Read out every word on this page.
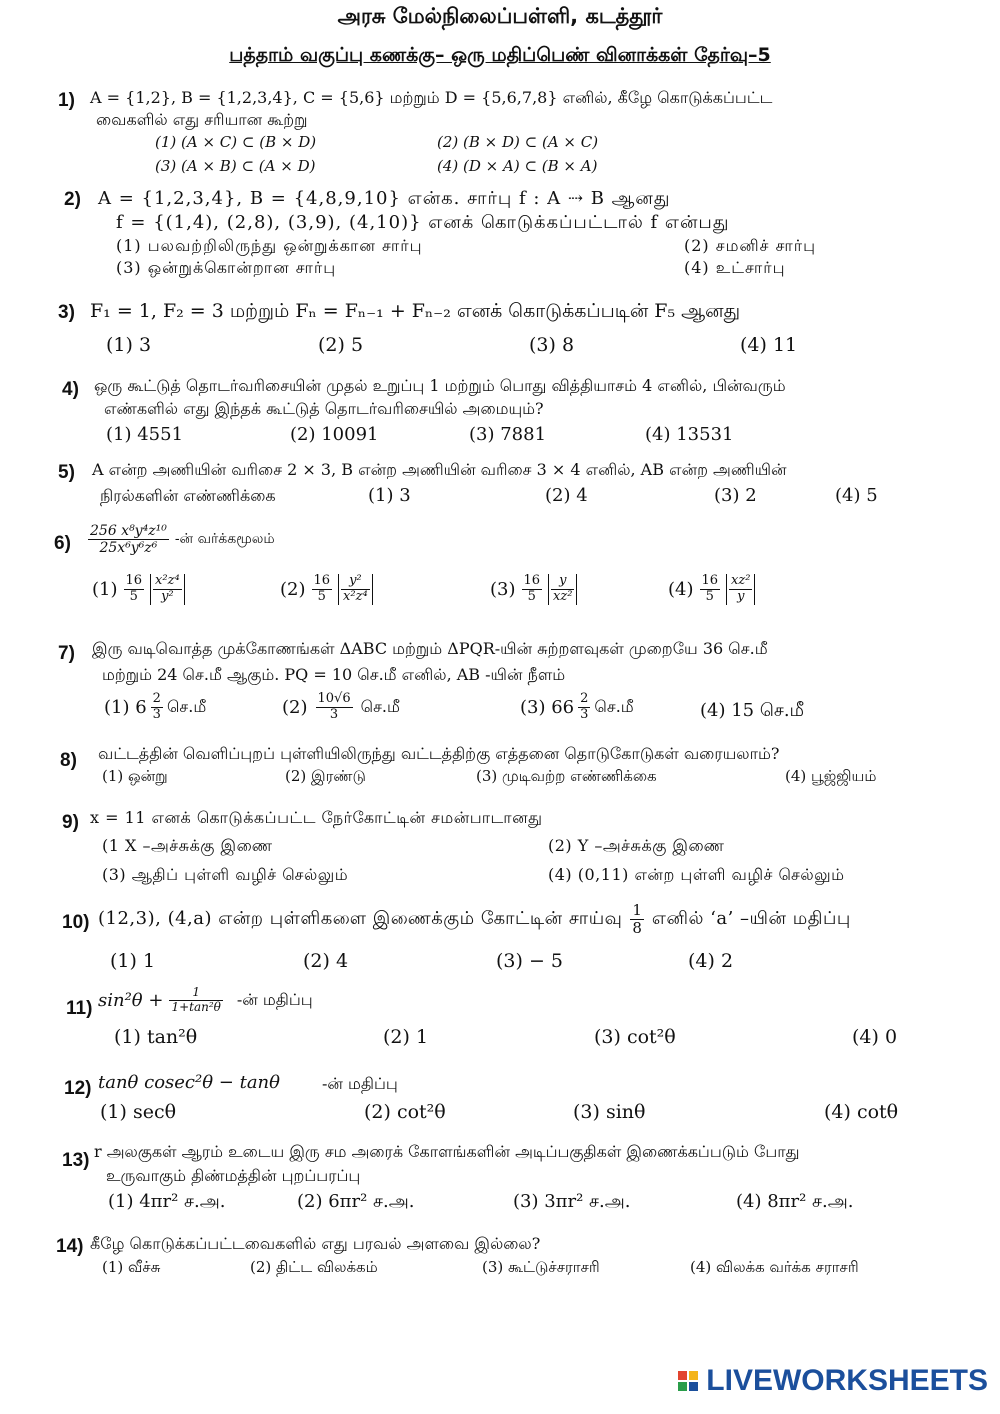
அரசு மேல்நிலைப்பள்ளி, கடத்தூர்
பத்தாம் வகுப்பு கணக்கு– ஒரு மதிப்பெண் வினாக்கள் தேர்வு–5
1) A = {1,2}, B = {1,2,3,4}, C = {5,6} மற்றும் D = {5,6,7,8} எனில், கீழே கொடுக்கப்பட்ட
வைகளில் எது சரியான கூற்று
(1) (A × C) ⊂ (B × D)	(2) (B × D) ⊂ (A × C)
(3) (A × B) ⊂ (A × D)	(4) (D × A) ⊂ (B × A)
2) A = {1,2,3,4}, B = {4,8,9,10} என்க. சார்பு f : A ⇢ B ஆனது
f = {(1,4), (2,8), (3,9), (4,10)} எனக் கொடுக்கப்பட்டால் f என்பது
(1) பலவற்றிலிருந்து ஒன்றுக்கான சார்பு	(2) சமனிச் சார்பு
(3) ஒன்றுக்கொன்றான சார்பு	(4) உட்சார்பு
3) F₁ = 1, F₂ = 3 மற்றும் Fₙ = Fₙ₋₁ + Fₙ₋₂ எனக் கொடுக்கப்படின் F₅ ஆனது
(1) 3	(2) 5	(3) 8	(4) 11
4) ஒரு கூட்டுத் தொடர்வரிசையின் முதல் உறுப்பு 1 மற்றும் பொது வித்தியாசம் 4 எனில், பின்வரும்
எண்களில் எது இந்தக் கூட்டுத் தொடர்வரிசையில் அமையும்?
(1) 4551	(2) 10091	(3) 7881	(4) 13531
5) A என்ற அணியின் வரிசை 2 × 3, B என்ற அணியின் வரிசை 3 × 4 எனில், AB என்ற அணியின்
நிரல்களின் எண்ணிக்கை	(1) 3	(2) 4	(3) 2	(4) 5
$6) \frac{\text{256 x⁸y⁴z¹⁰}}{\text{25x⁶y⁶z⁶}}$ -ன் வர்க்கமூலம்
$(1) \frac{16}{5} \frac{\text{x²z⁴}}{\text{y²}}$	$(2) \frac{16}{5} \frac{\text{y²}}{\text{x²z⁴}}$	$(3) \frac{16}{5} \frac{y}{\text{xz²}}$	$(4) \frac{16}{5} \frac{\text{xz²}}{y}$
7) இரு வடிவொத்த முக்கோணங்கள் ΔABC மற்றும் ΔPQR-யின் சுற்றளவுகள் முறையே 36 செ.மீ
மற்றும் 24 செ.மீ ஆகும். PQ = 10 செ.மீ எனில், AB -யின் நீளம்
(1) $6 \frac{2}{3}$ செ.மீ	$(2) \frac{10√6}{3}$ செ.மீ	(3) $66 \frac{2}{3}$ செ.மீ	(4) 15 செ.மீ
8) வட்டத்தின் வெளிப்புறப் புள்ளியிலிருந்து வட்டத்திற்கு எத்தனை தொடுகோடுகள் வரையலாம்?
(1) ஒன்று	(2) இரண்டு	(3) முடிவற்ற எண்ணிக்கை	(4) பூஜ்ஜியம்
9) x = 11 எனக் கொடுக்கப்பட்ட நேர்கோட்டின் சமன்பாடானது
(1 X –அச்சுக்கு இணை	(2) Y –அச்சுக்கு இணை
(3) ஆதிப் புள்ளி வழிச் செல்லும்	(4) (0,11) என்ற புள்ளி வழிச் செல்லும்
10) (12,3), (4,a) என்ற புள்ளிகளை இணைக்கும் கோட்டின் சாய்வு $\frac{1}{8}$ எனில் ‘a’ –யின் மதிப்பு
(1) 1	(2) 4	(3) − 5	(4) 2
11) $\sin^2\theta + \frac{1}{\text{1+tan²θ}}$ -ன் மதிப்பு
(1) tan²θ	(2) 1	(3) cot²θ	(4) 0
12) tanθ cosec²θ − tanθ	-ன் மதிப்பு
(1) secθ	(2) cot²θ	(3) sinθ	(4) cotθ
13) r அலகுகள் ஆரம் உடைய இரு சம அரைக் கோளங்களின் அடிப்பகுதிகள் இணைக்கப்படும் போது
உருவாகும் திண்மத்தின் புறப்பரப்பு
(1) 4πr² ச.அ.	(2) 6πr² ச.அ.	(3) 3πr² ச.அ.	(4) 8πr² ச.அ.
14) கீழே கொடுக்கப்பட்டவைகளில் எது பரவல் அளவை இல்லை?
(1) வீச்சு	(2) திட்ட விலக்கம்	(3) கூட்டுச்சராசரி	(4) விலக்க வர்க்க சராசரி
LIVEWORKSHEETS
